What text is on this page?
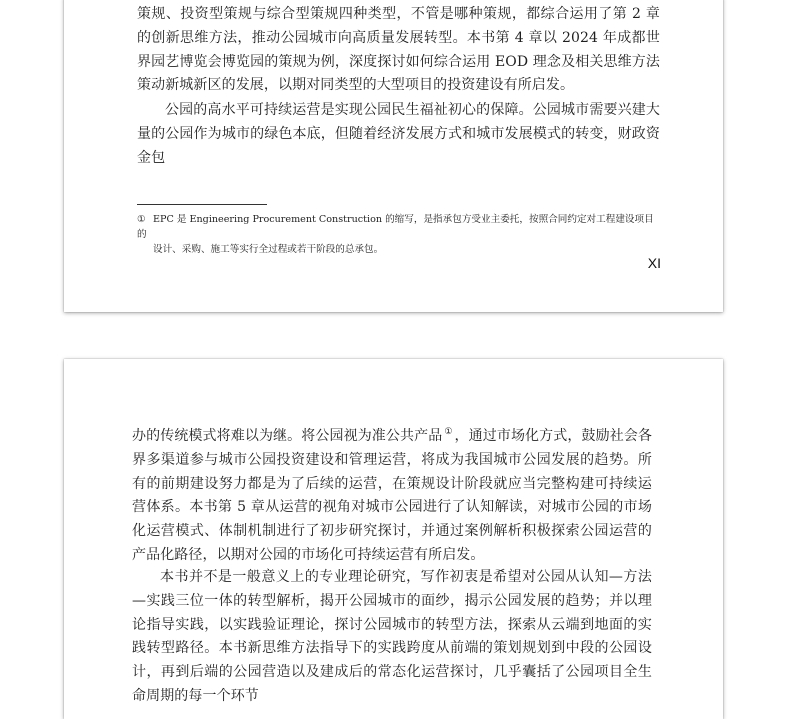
策规、投资型策规与综合型策规四种类型，不管是哪种策规，都综合运用了第 2 章的创新思维方法，推动公园城市向高质量发展转型。本书第 4 章以 2024 年成都世界园艺博览会博览园的策规为例，深度探讨如何综合运用 EOD 理念及相关思维方法策动新城新区的发展，以期对同类型的大型项目的投资建设有所启发。

公园的高水平可持续运营是实现公园民生福祉初心的保障。公园城市需要兴建大量的公园作为城市的绿色本底，但随着经济发展方式和城市发展模式的转变，财政资金包

① EPC 是 Engineering Procurement Construction 的缩写，是指承包方受业主委托，按照合同约定对工程建设项目的
设计、采购、施工等实行全过程或若干阶段的总承包。

XI

办的传统模式将难以为继。将公园视为准公共产品 ① ，通过市场化方式，鼓励社会各界多渠道参与城市公园投资建设和管理运营，将成为我国城市公园发展的趋势。所有的前期建设努力都是为了后续的运营，在策规设计阶段就应当完整构建可持续运营体系。本书第 5 章从运营的视角对城市公园进行了认知解读，对城市公园的市场化运营模式、体制机制进行了初步研究探讨，并通过案例解析积极探索公园运营的产品化路径，以期对公园的市场化可持续运营有所启发。

本书并不是一般意义上的专业理论研究，写作初衷是希望对公园从认知—方法—实践三位一体的转型解析，揭开公园城市的面纱，揭示公园发展的趋势；并以理论指导实践，以实践验证理论，探讨公园城市的转型方法，探索从云端到地面的实践转型路径。本书新思维方法指导下的实践跨度从前端的策划规划到中段的公园设计，再到后端的公园营造以及建成后的常态化运营探讨，几乎囊括了公园项目全生命周期的每一个环节
